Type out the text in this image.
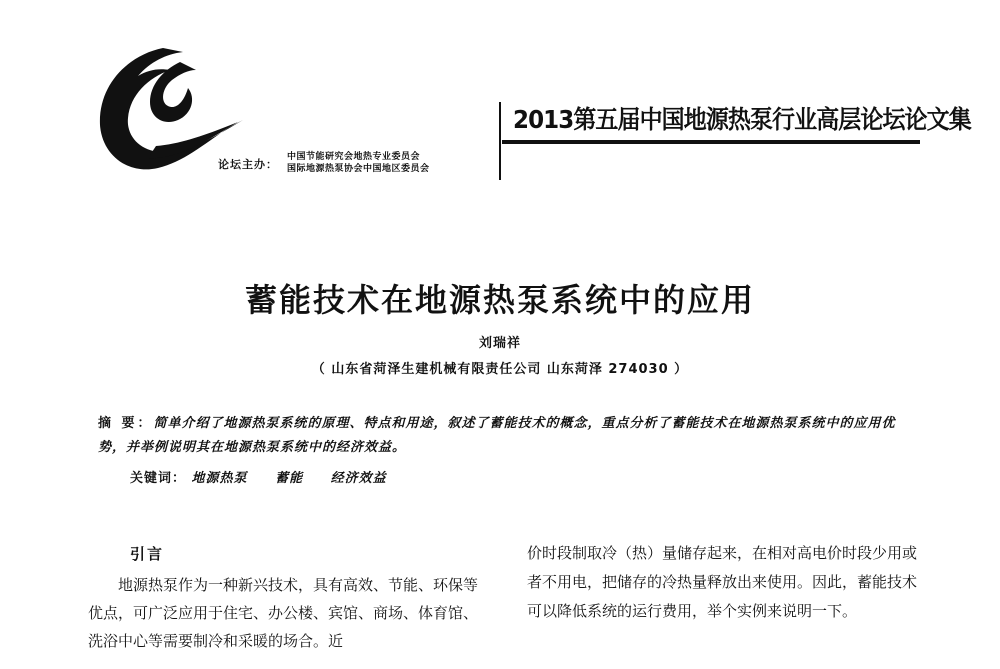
论坛主办：
中国节能研究会地热专业委员会
国际地源热泵协会中国地区委员会
2013第五届中国地源热泵行业高层论坛论文集
蓄能技术在地源热泵系统中的应用
刘瑞祥
（ 山东省菏泽生建机械有限责任公司 山东菏泽 274030 ）
摘 要：简单介绍了地源热泵系统的原理、特点和用途，叙述了蓄能技术的概念，重点分析了蓄能技术在地源热泵系统中的应用优势，并举例说明其在地源热泵系统中的经济效益。
关键词： 地源热泵 蓄能 经济效益
引言

地源热泵作为一种新兴技术，具有高效、节能、环保等优点，可广泛应用于住宅、办公楼、宾馆、商场、体育馆、洗浴中心等需要制冷和采暖的场合。近

价时段制取冷（热）量储存起来，在相对高电价时段少用或者不用电，把储存的冷热量释放出来使用。因此，蓄能技术可以降低系统的运行费用，举个实例来说明一下。
